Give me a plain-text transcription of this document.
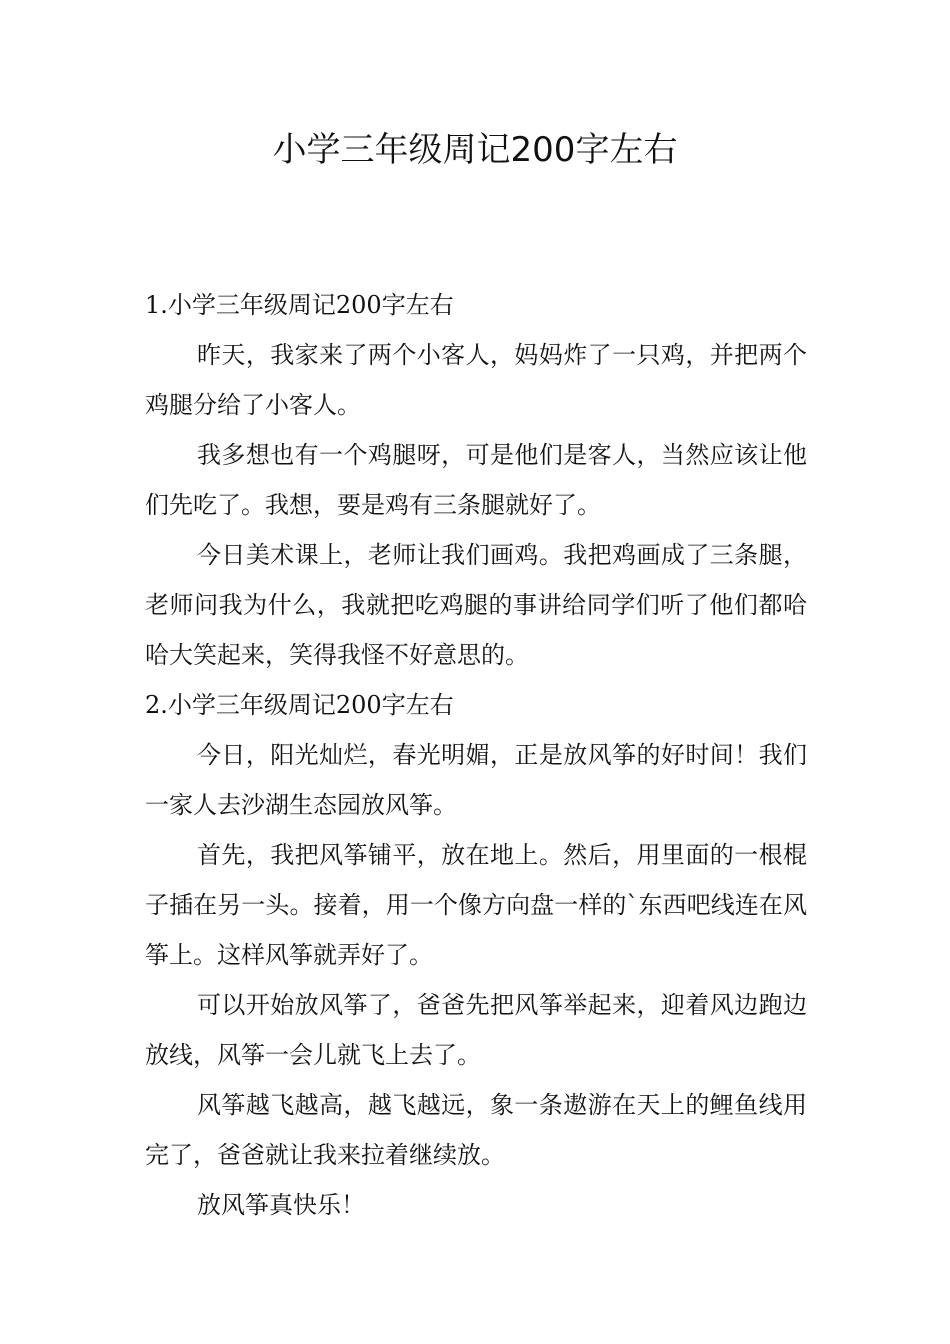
小学三年级周记200字左右

1.小学三年级周记200字左右

昨天，我家来了两个小客人，妈妈炸了一只鸡，并把两个鸡腿分给了小客人。

我多想也有一个鸡腿呀，可是他们是客人，当然应该让他们先吃了。我想，要是鸡有三条腿就好了。

今日美术课上，老师让我们画鸡。我把鸡画成了三条腿，老师问我为什么，我就把吃鸡腿的事讲给同学们听了他们都哈哈大笑起来，笑得我怪不好意思的。

2.小学三年级周记200字左右

今日，阳光灿烂，春光明媚，正是放风筝的好时间！我们一家人去沙湖生态园放风筝。

首先，我把风筝铺平，放在地上。然后，用里面的一根棍子插在另一头。接着，用一个像方向盘一样的`东西吧线连在风筝上。这样风筝就弄好了。

可以开始放风筝了，爸爸先把风筝举起来，迎着风边跑边放线，风筝一会儿就飞上去了。

风筝越飞越高，越飞越远，象一条遨游在天上的鲤鱼线用完了，爸爸就让我来拉着继续放。

放风筝真快乐！
